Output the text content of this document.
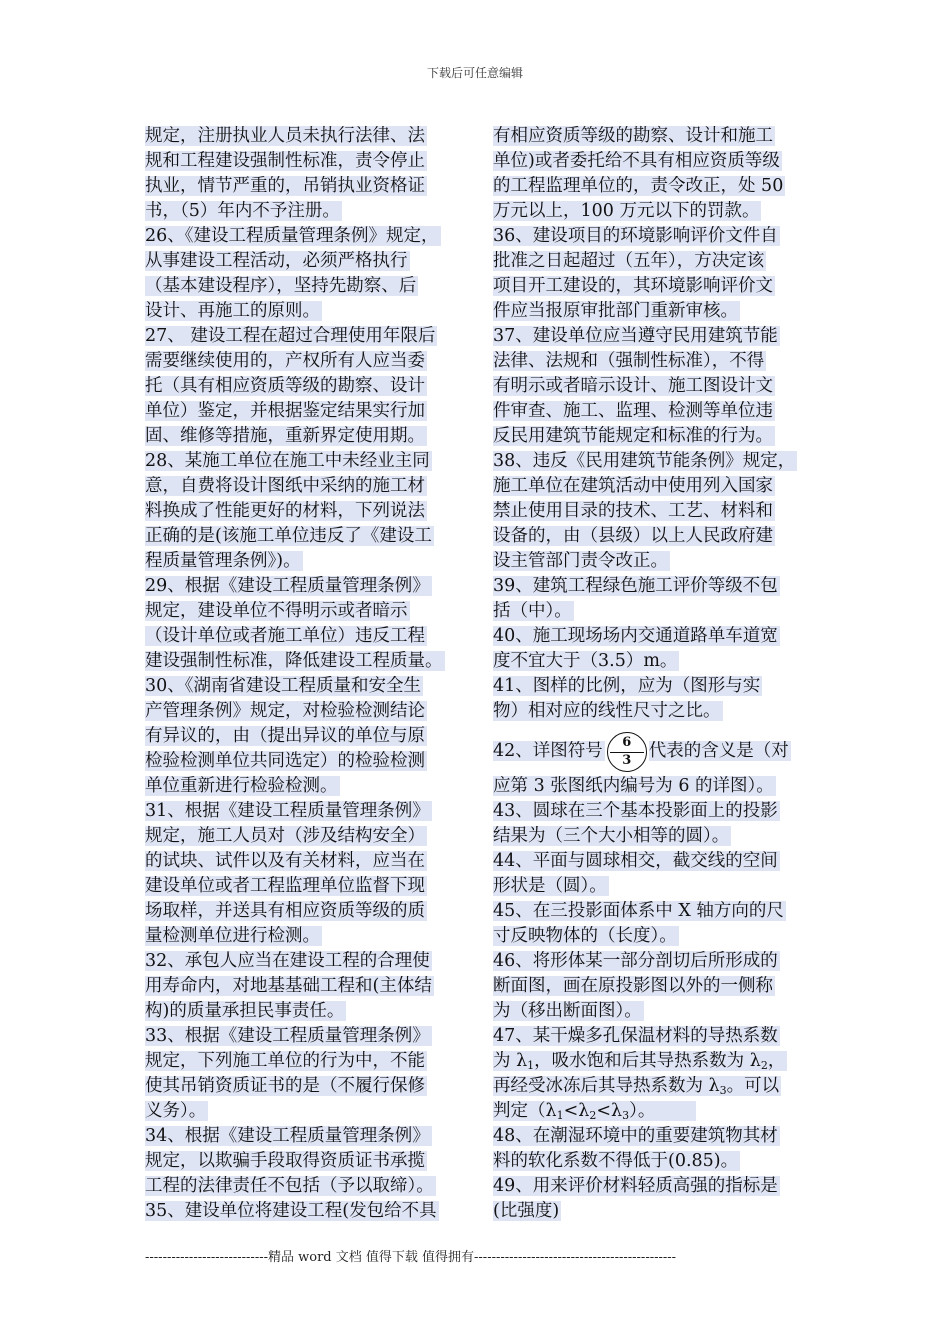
下载后可任意编辑
规定，注册执业人员未执行法律、法
规和工程建设强制性标准，责令停止
执业，情节严重的，吊销执业资格证
书，（5）年内不予注册。
26、《建设工程质量管理条例》规定，
从事建设工程活动，必须严格执行
（基本建设程序），坚持先勘察、后
设计、再施工的原则。
27、 建设工程在超过合理使用年限后
需要继续使用的，产权所有人应当委
托（具有相应资质等级的勘察、设计
单位）鉴定，并根据鉴定结果实行加
固、维修等措施，重新界定使用期。
28、某施工单位在施工中未经业主同
意，自费将设计图纸中采纳的施工材
料换成了性能更好的材料，下列说法
正确的是(该施工单位违反了《建设工
程质量管理条例》)。
29、根据《建设工程质量管理条例》
规定，建设单位不得明示或者暗示
（设计单位或者施工单位）违反工程
建设强制性标准，降低建设工程质量。
30、《湖南省建设工程质量和安全生
产管理条例》规定，对检验检测结论
有异议的，由（提出异议的单位与原
检验检测单位共同选定）的检验检测
单位重新进行检验检测。
31、根据《建设工程质量管理条例》
规定，施工人员对（涉及结构安全）
的试块、试件以及有关材料，应当在
建设单位或者工程监理单位监督下现
场取样，并送具有相应资质等级的质
量检测单位进行检测。
32、承包人应当在建设工程的合理使
用寿命内，对地基基础工程和(主体结
构)的质量承担民事责任。
33、根据《建设工程质量管理条例》
规定，下列施工单位的行为中，不能
使其吊销资质证书的是（不履行保修
义务）。
34、根据《建设工程质量管理条例》
规定，以欺骗手段取得资质证书承揽
工程的法律责任不包括（予以取缔）。
35、建设单位将建设工程(发包给不具
有相应资质等级的勘察、设计和施工
单位)或者委托给不具有相应资质等级
的工程监理单位的，责令改正，处 50
万元以上，100 万元以下的罚款。
36、建设项目的环境影响评价文件自
批准之日起超过（五年），方决定该
项目开工建设的，其环境影响评价文
件应当报原审批部门重新审核。
37、建设单位应当遵守民用建筑节能
法律、法规和（强制性标准），不得
有明示或者暗示设计、施工图设计文
件审查、施工、监理、检测等单位违
反民用建筑节能规定和标准的行为。
38、违反《民用建筑节能条例》规定，
施工单位在建筑活动中使用列入国家
禁止使用目录的技术、工艺、材料和
设备的，由（县级）以上人民政府建
设主管部门责令改正。
39、建筑工程绿色施工评价等级不包
括（中）。
40、施工现场场内交通道路单车道宽
度不宜大于（3.5）m。
41、图样的比例，应为（图形与实
物）相对应的线性尺寸之比。
42、详图符号 $\frac{6}{3}$ 代表的含义是（对
应第 3 张图纸内编号为 6 的详图）。
43、圆球在三个基本投影面上的投影
结果为（三个大小相等的圆）。
44、平面与圆球相交，截交线的空间
形状是（圆）。
45、在三投影面体系中 X 轴方向的尺
寸反映物体的（长度）。
46、将形体某一部分剖切后所形成的
断面图，画在原投影图以外的一侧称
为（移出断面图）。
47、某干燥多孔保温材料的导热系数
为 $\lambda_1$，吸水饱和后其导热系数为 $\lambda_2$，
再经受冰冻后其导热系数为 $\lambda_3$。可以
判定$(\lambda_1<\lambda_2<\lambda_3)$。
48、在潮湿环境中的重要建筑物其材
料的软化系数不得低于(0.85)。
49、用来评价材料轻质高强的指标是
(比强度)
----------------------------精品 word 文档 值得下载 值得拥有----------------------------------------------
